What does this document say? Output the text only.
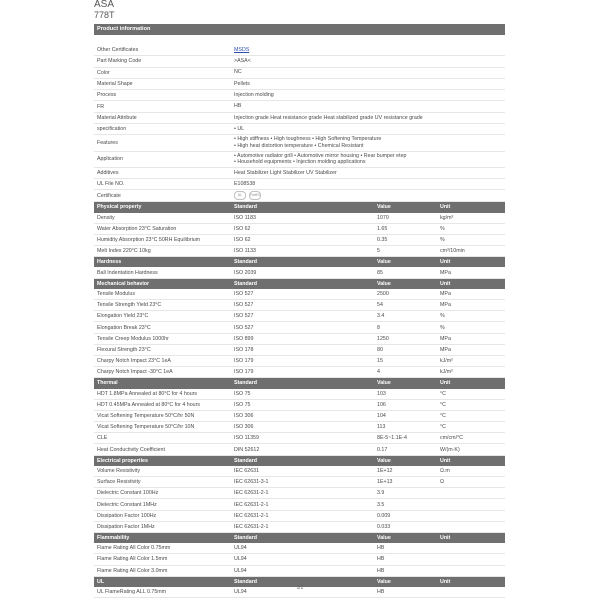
ASA
778T
Product information
Other Certificates	MSDS
Part Marking Code	>ASA<
Color	NC
Material Shape	Pellets
Process	Injection molding
FR	HB
Material Attribute	Injection grade Heat resistance grade Heat stabilized grade UV resistance grade
specification	• UL
Features
• High stiffness • High toughness • High Softening Temperature
• High heat distortion temperature • Chemical Resistant
Application
• Automotive radiator grill • Automotive mirror housing • Rear bumper etep
• Household equipments • Injection molding applications
Additives	Heat Stabilizer Light Stabilizer UV Stabilizer
UL File NO.	E108538
Certificate	UL	RoHS
Physical property	Standard	Value	Unit
Density	ISO 1183	1070	kg/m³
Water Absorption 23°C Saturation	ISO 62	1.65	%
Humidity Absorption 23°C 50RH Equilibrium	ISO 62	0.35	%
Melt Index 220°C 10kg	ISO 1133	5	cm³/10min
Hardness	Standard	Value	Unit
Ball Indentation Hardness	ISO 2039	85	MPa
Mechanical behavior	Standard	Value	Unit
Tensile Modulus	ISO 527	2500	MPa
Tensile Strength Yield 23°C	ISO 527	54	MPa
Elongation Yield 23°C	ISO 527	3.4	%
Elongation Break 23°C	ISO 527	8	%
Tensile Creep Modulus 1000hr	ISO 899	1250	MPa
Flexural Strength 23°C	ISO 178	80	MPa
Charpy Notch Impact 23°C 1eA	ISO 179	15	kJ/m²
Charpy Notch Impact -30°C 1eA	ISO 179	4	kJ/m²
Thermal	Standard	Value	Unit
HDT 1.8MPa Annealed at 80°C for 4 hours	ISO 75	103	°C
HDT 0.45MPa Annealed at 80°C for 4 hours	ISO 75	106	°C
Vicat Softening Temperature 50°C/hr 50N	ISO 306	104	°C
Vicat Softening Temperature 50°C/hr 10N	ISO 306	113	°C
CLE	ISO 11359	8E-5~1.1E-4	cm/cm/°C
Heat Conductivity Coefficient	DIN 52612	0.17	W/(m·K)
Electrical properties	Standard	Value	Unit
Volume Resistivity	IEC 62631	1E+12	Ω.m
Surface Resistivity	IEC 62631-3-1	1E+13	Ω
Dielectric Constant 100Hz	IEC 62631-2-1	3.9
Dielectric Constant 1MHz	IEC 62631-2-1	3.5
Dissipation Factor 100Hz	IEC 62631-2-1	0.009
Dissipation Factor 1MHz	IEC 62631-2-1	0.033
Flammability	Standard	Value	Unit
Flame Rating All Color 0.75mm	UL94	HB
Flame Rating All Color 1.5mm	UL94	HB
Flame Rating All Color 3.0mm	UL94	HB
UL	Standard	Value	Unit
UL FlameRating ALL 0.75mm	UL94	HB
1/2
